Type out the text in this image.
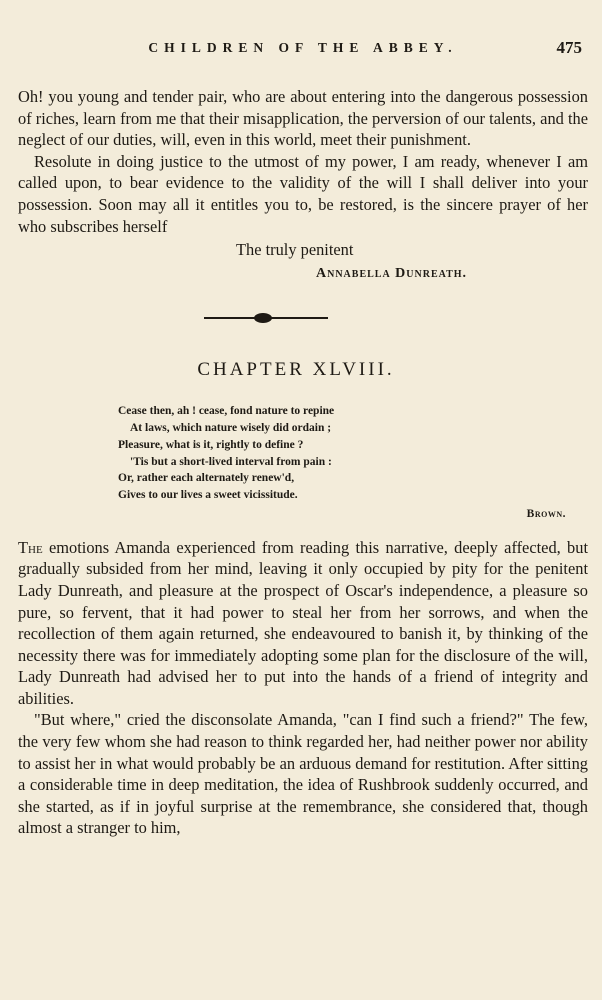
CHILDREN OF THE ABBEY.	475

Oh! you young and tender pair, who are about entering into the dangerous possession of riches, learn from me that their misapplication, the perversion of our talents, and the neglect of our duties, will, even in this world, meet their punishment.

Resolute in doing justice to the utmost of my power, I am ready, whenever I am called upon, to bear evidence to the validity of the will I shall deliver into your possession. Soon may all it entitles you to, be restored, is the sincere prayer of her who subscribes herself

The truly penitent
Annabella Dunreath.
CHAPTER XLVIII.
Cease then, ah ! cease, fond nature to repine
At laws, which nature wisely did ordain ;
Pleasure, what is it, rightly to define ?
'Tis but a short-lived interval from pain :
Or, rather each alternately renew'd,
Gives to our lives a sweet vicissitude.
Brown.

The emotions Amanda experienced from reading this narrative, deeply affected, but gradually subsided from her mind, leaving it only occupied by pity for the penitent Lady Dunreath, and pleasure at the prospect of Oscar's independence, a pleasure so pure, so fervent, that it had power to steal her from her sorrows, and when the recollection of them again returned, she endeavoured to banish it, by thinking of the necessity there was for immediately adopting some plan for the disclosure of the will, Lady Dunreath had advised her to put into the hands of a friend of integrity and abilities.

"But where," cried the disconsolate Amanda, "can I find such a friend?" The few, the very few whom she had reason to think regarded her, had neither power nor ability to assist her in what would probably be an arduous demand for restitution. After sitting a considerable time in deep meditation, the idea of Rushbrook suddenly occurred, and she started, as if in joyful surprise at the remembrance, she considered that, though almost a stranger to him,
